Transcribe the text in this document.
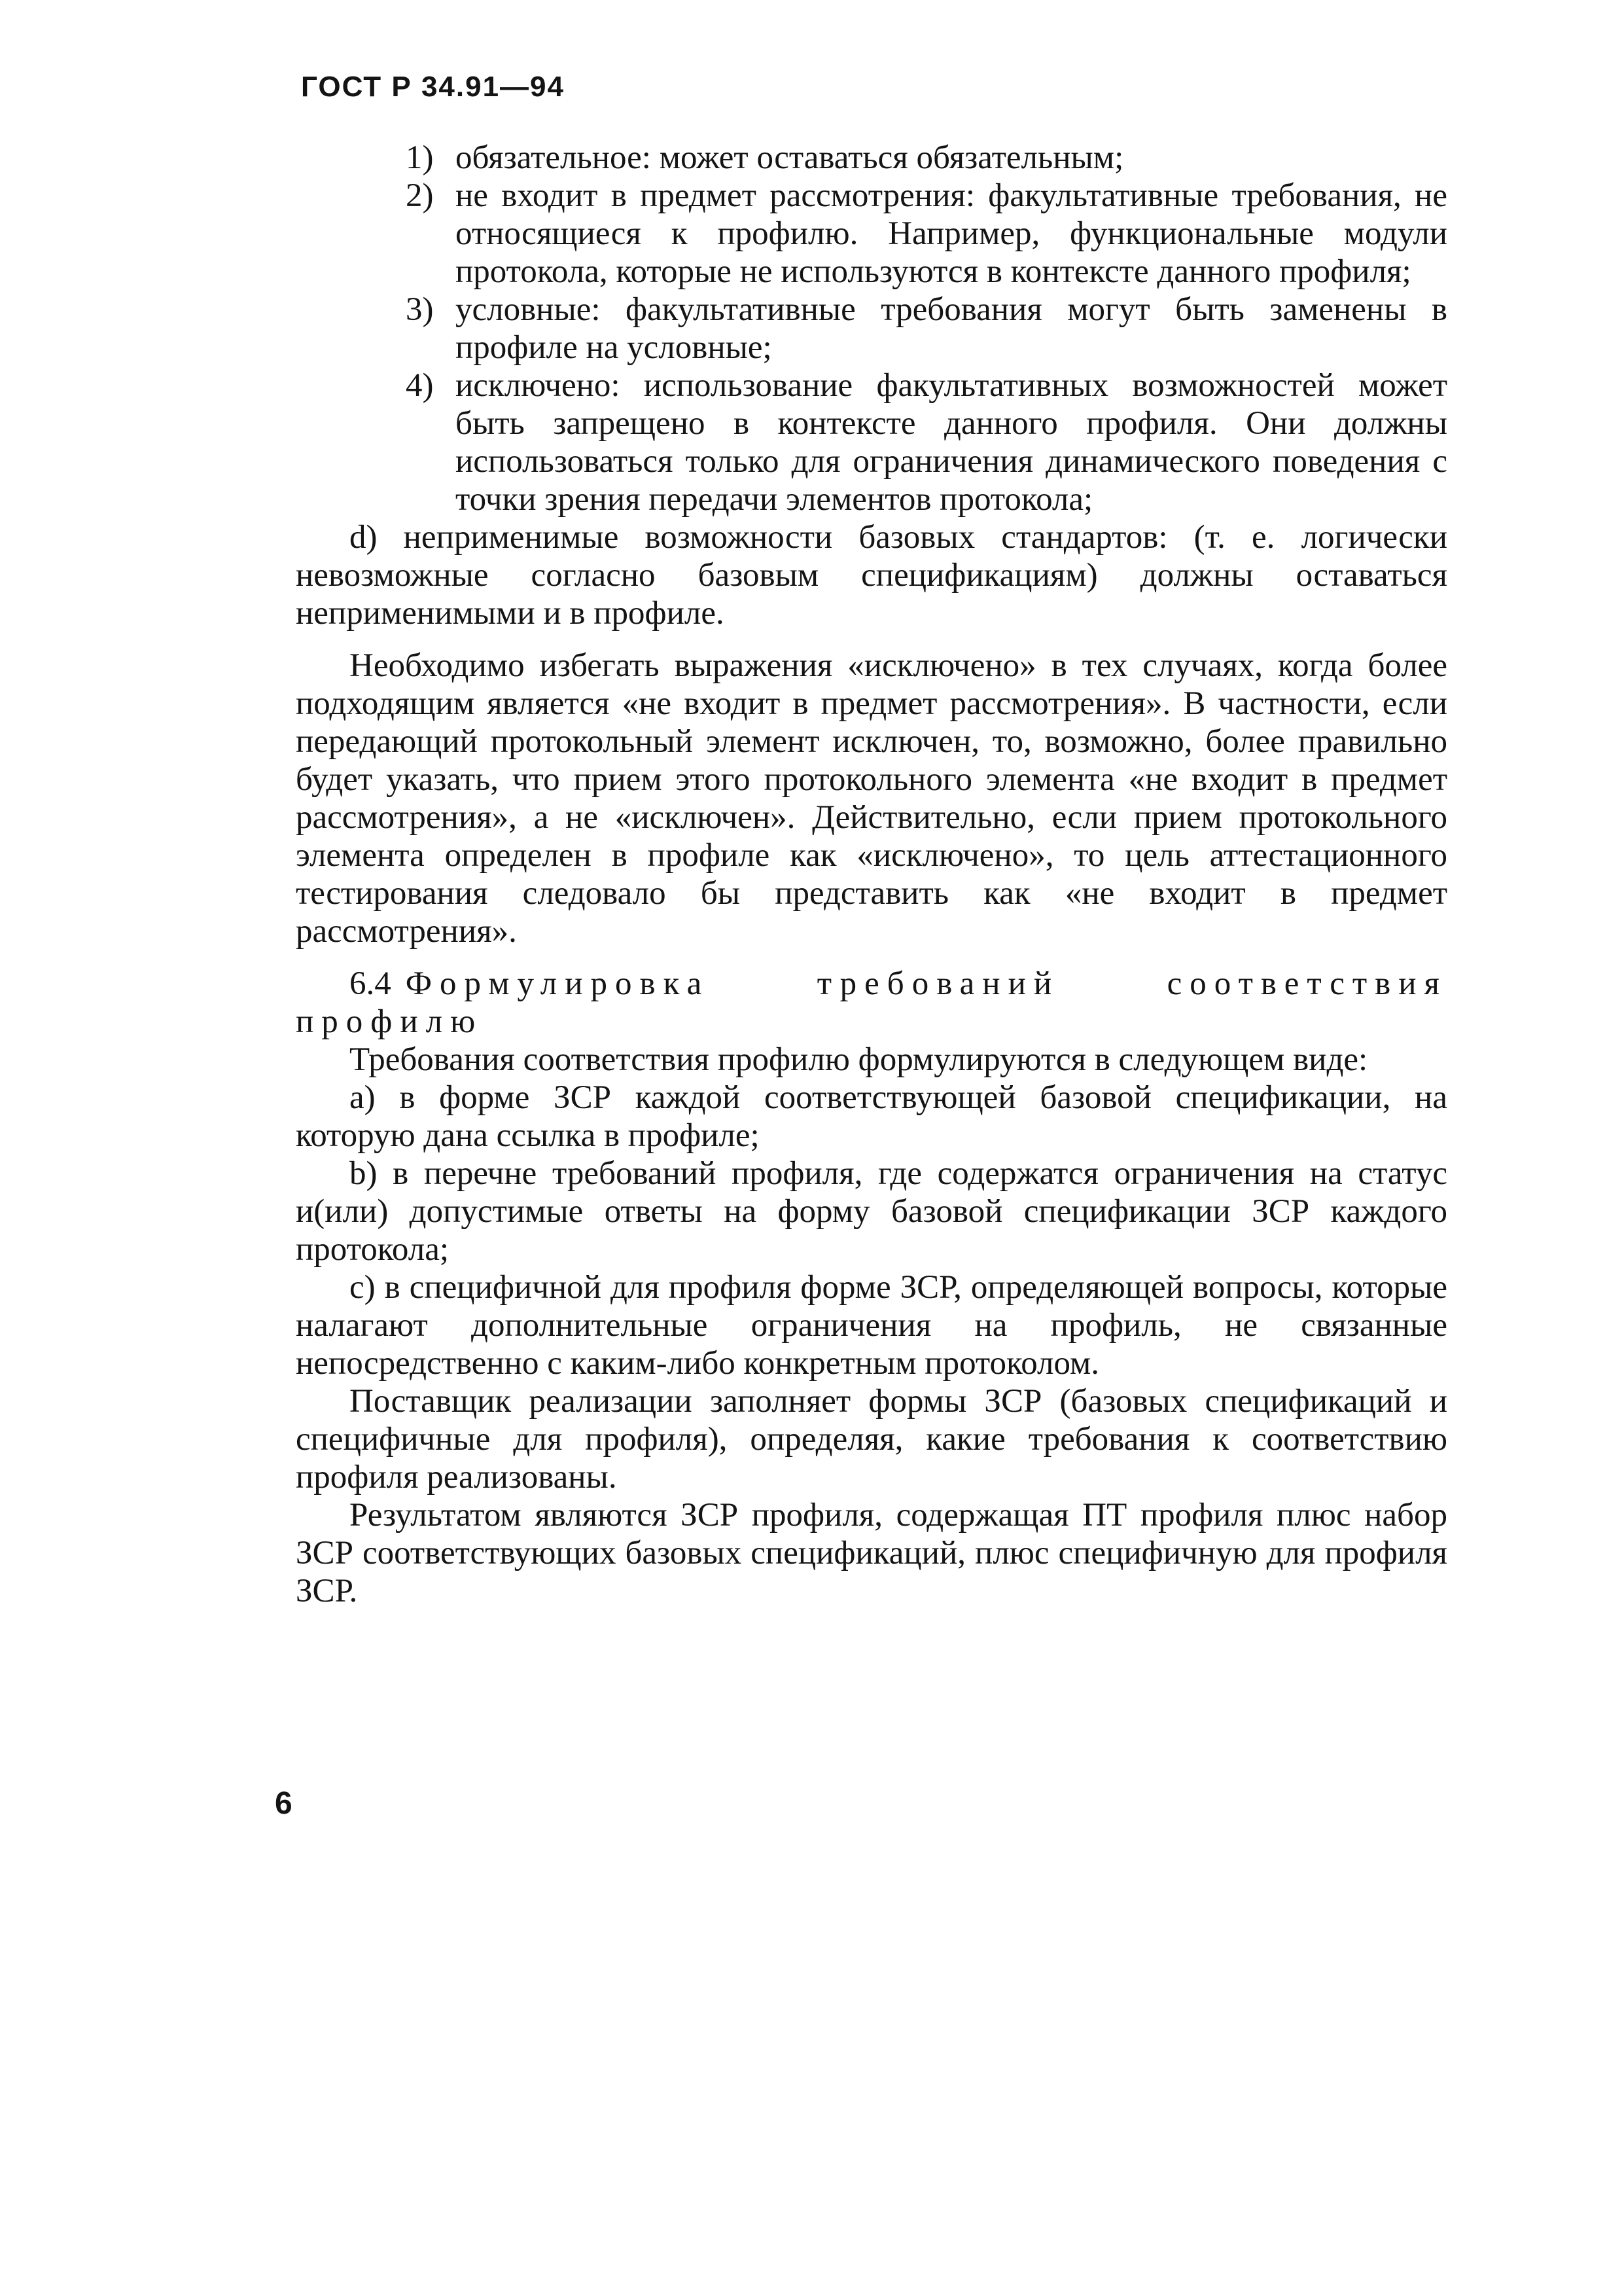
ГОСТ Р 34.91—94

1) обязательное: может оставаться обязательным;

2) не входит в предмет рассмотрения: факультативные требования, не относящиеся к профилю. Например, функциональные модули протокола, которые не используются в контексте данного профиля;

3) условные: факультативные требования могут быть заменены в профиле на условные;

4) исключено: использование факультативных возможностей может быть запрещено в контексте данного профиля. Они должны использоваться только для ограничения динамического поведения с точки зрения передачи элементов протокола;

d) неприменимые возможности базовых стандартов: (т. е. логически невозможные согласно базовым спецификациям) должны оставаться неприменимыми и в профиле.

Необходимо избегать выражения «исключено» в тех случаях, когда более подходящим является «не входит в предмет рассмотрения». В частности, если передающий протокольный элемент исключен, то, возможно, более правильно будет указать, что прием этого протокольного элемента «не входит в предмет рассмотрения», а не «исключен». Действительно, если прием протокольного элемента определен в профиле как «исключено», то цель аттестационного тестирования следовало бы представить как «не входит в предмет рассмотрения».

6.4 Формулировка требований соответствия профилю

Требования соответствия профилю формулируются в следующем виде:

a) в форме ЗСР каждой соответствующей базовой спецификации, на которую дана ссылка в профиле;

b) в перечне требований профиля, где содержатся ограничения на статус и(или) допустимые ответы на форму базовой спецификации ЗСР каждого протокола;

c) в специфичной для профиля форме ЗСР, определяющей вопросы, которые налагают дополнительные ограничения на профиль, не связанные непосредственно с каким-либо конкретным протоколом.

Поставщик реализации заполняет формы ЗСР (базовых спецификаций и специфичные для профиля), определяя, какие требования к соответствию профиля реализованы.

Результатом являются ЗСР профиля, содержащая ПТ профиля плюс набор ЗСР соответствующих базовых спецификаций, плюс специфичную для профиля ЗСР.

6
